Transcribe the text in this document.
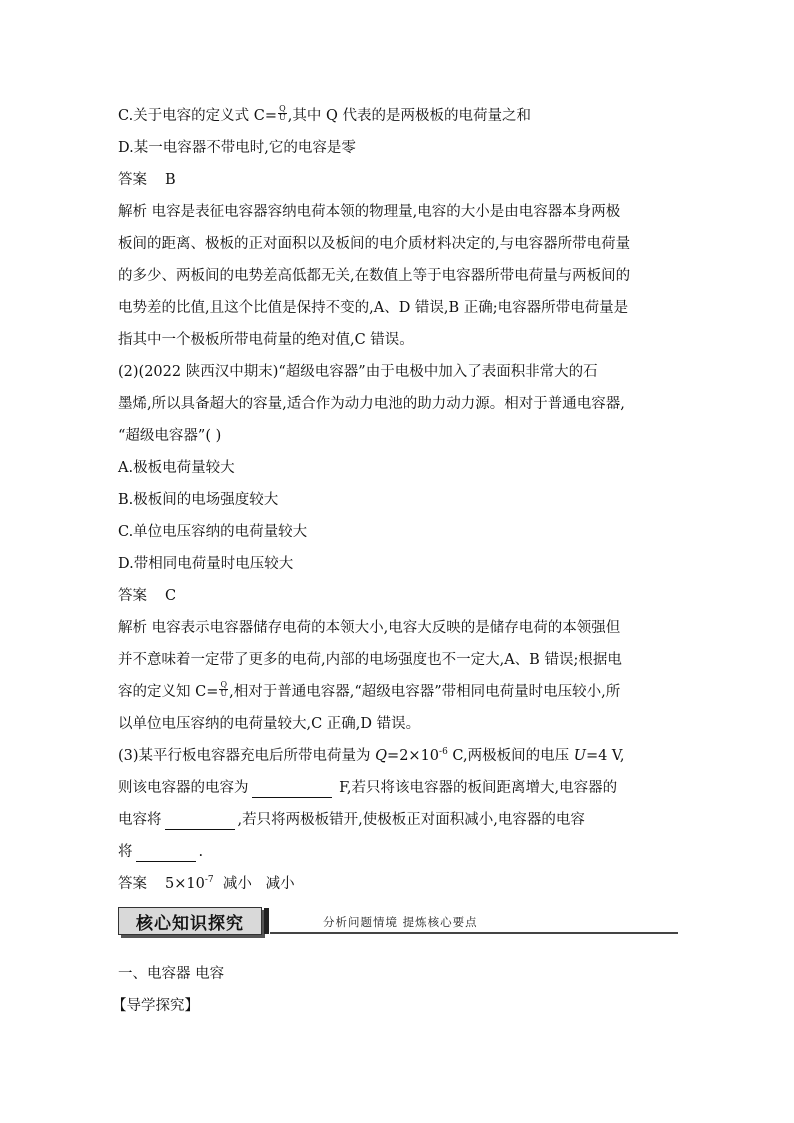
C.关于电容的定义式 $C= \frac{Q}{U}$ ,其中 Q 代表的是两极板的电荷量之和
D.某一电容器不带电时,它的电容是零
答案 B
解析 电容是表征电容器容纳电荷本领的物理量,电容的大小是由电容器本身两极
板间的距离、极板的正对面积以及板间的电介质材料决定的,与电容器所带电荷量
的多少、两板间的电势差高低都无关,在数值上等于电容器所带电荷量与两板间的
电势差的比值,且这个比值是保持不变的,A、D 错误,B 正确;电容器所带电荷量是
指其中一个极板所带电荷量的绝对值,C 错误。
(2)(2022 陕西汉中期末)“超级电容器”由于电极中加入了表面积非常大的石
墨烯,所以具备超大的容量,适合作为动力电池的助力动力源。相对于普通电容器,
“超级电容器”( )
A.极板电荷量较大
B.极板间的电场强度较大
C.单位电压容纳的电荷量较大
D.带相同电荷量时电压较大
答案 C
解析 电容表示电容器储存电荷的本领大小,电容大反映的是储存电荷的本领强但
并不意味着一定带了更多的电荷,内部的电场强度也不一定大,A、B 错误;根据电
容的定义知 $C= \frac{Q}{U}$ ,相对于普通电容器,“超级电容器”带相同电荷量时电压较小,所
以单位电压容纳的电荷量较大,C 正确,D 错误。
(3)某平行板电容器充电后所带电荷量为 $Q=2\times 10^{-6}$ C,两极板间的电压 U=4 V,
则该电容器的电容为	F,若只将该电容器的板间距离增大,电容器的
电容将	,若只将两极板错开,使极板正对面积减小,电容器的电容
将	.
答案 $5\times 10^{-7}$  减小   减小
核心知识探究	分析问题情境 提炼核心要点
一、电容器 电容
【导学探究】
